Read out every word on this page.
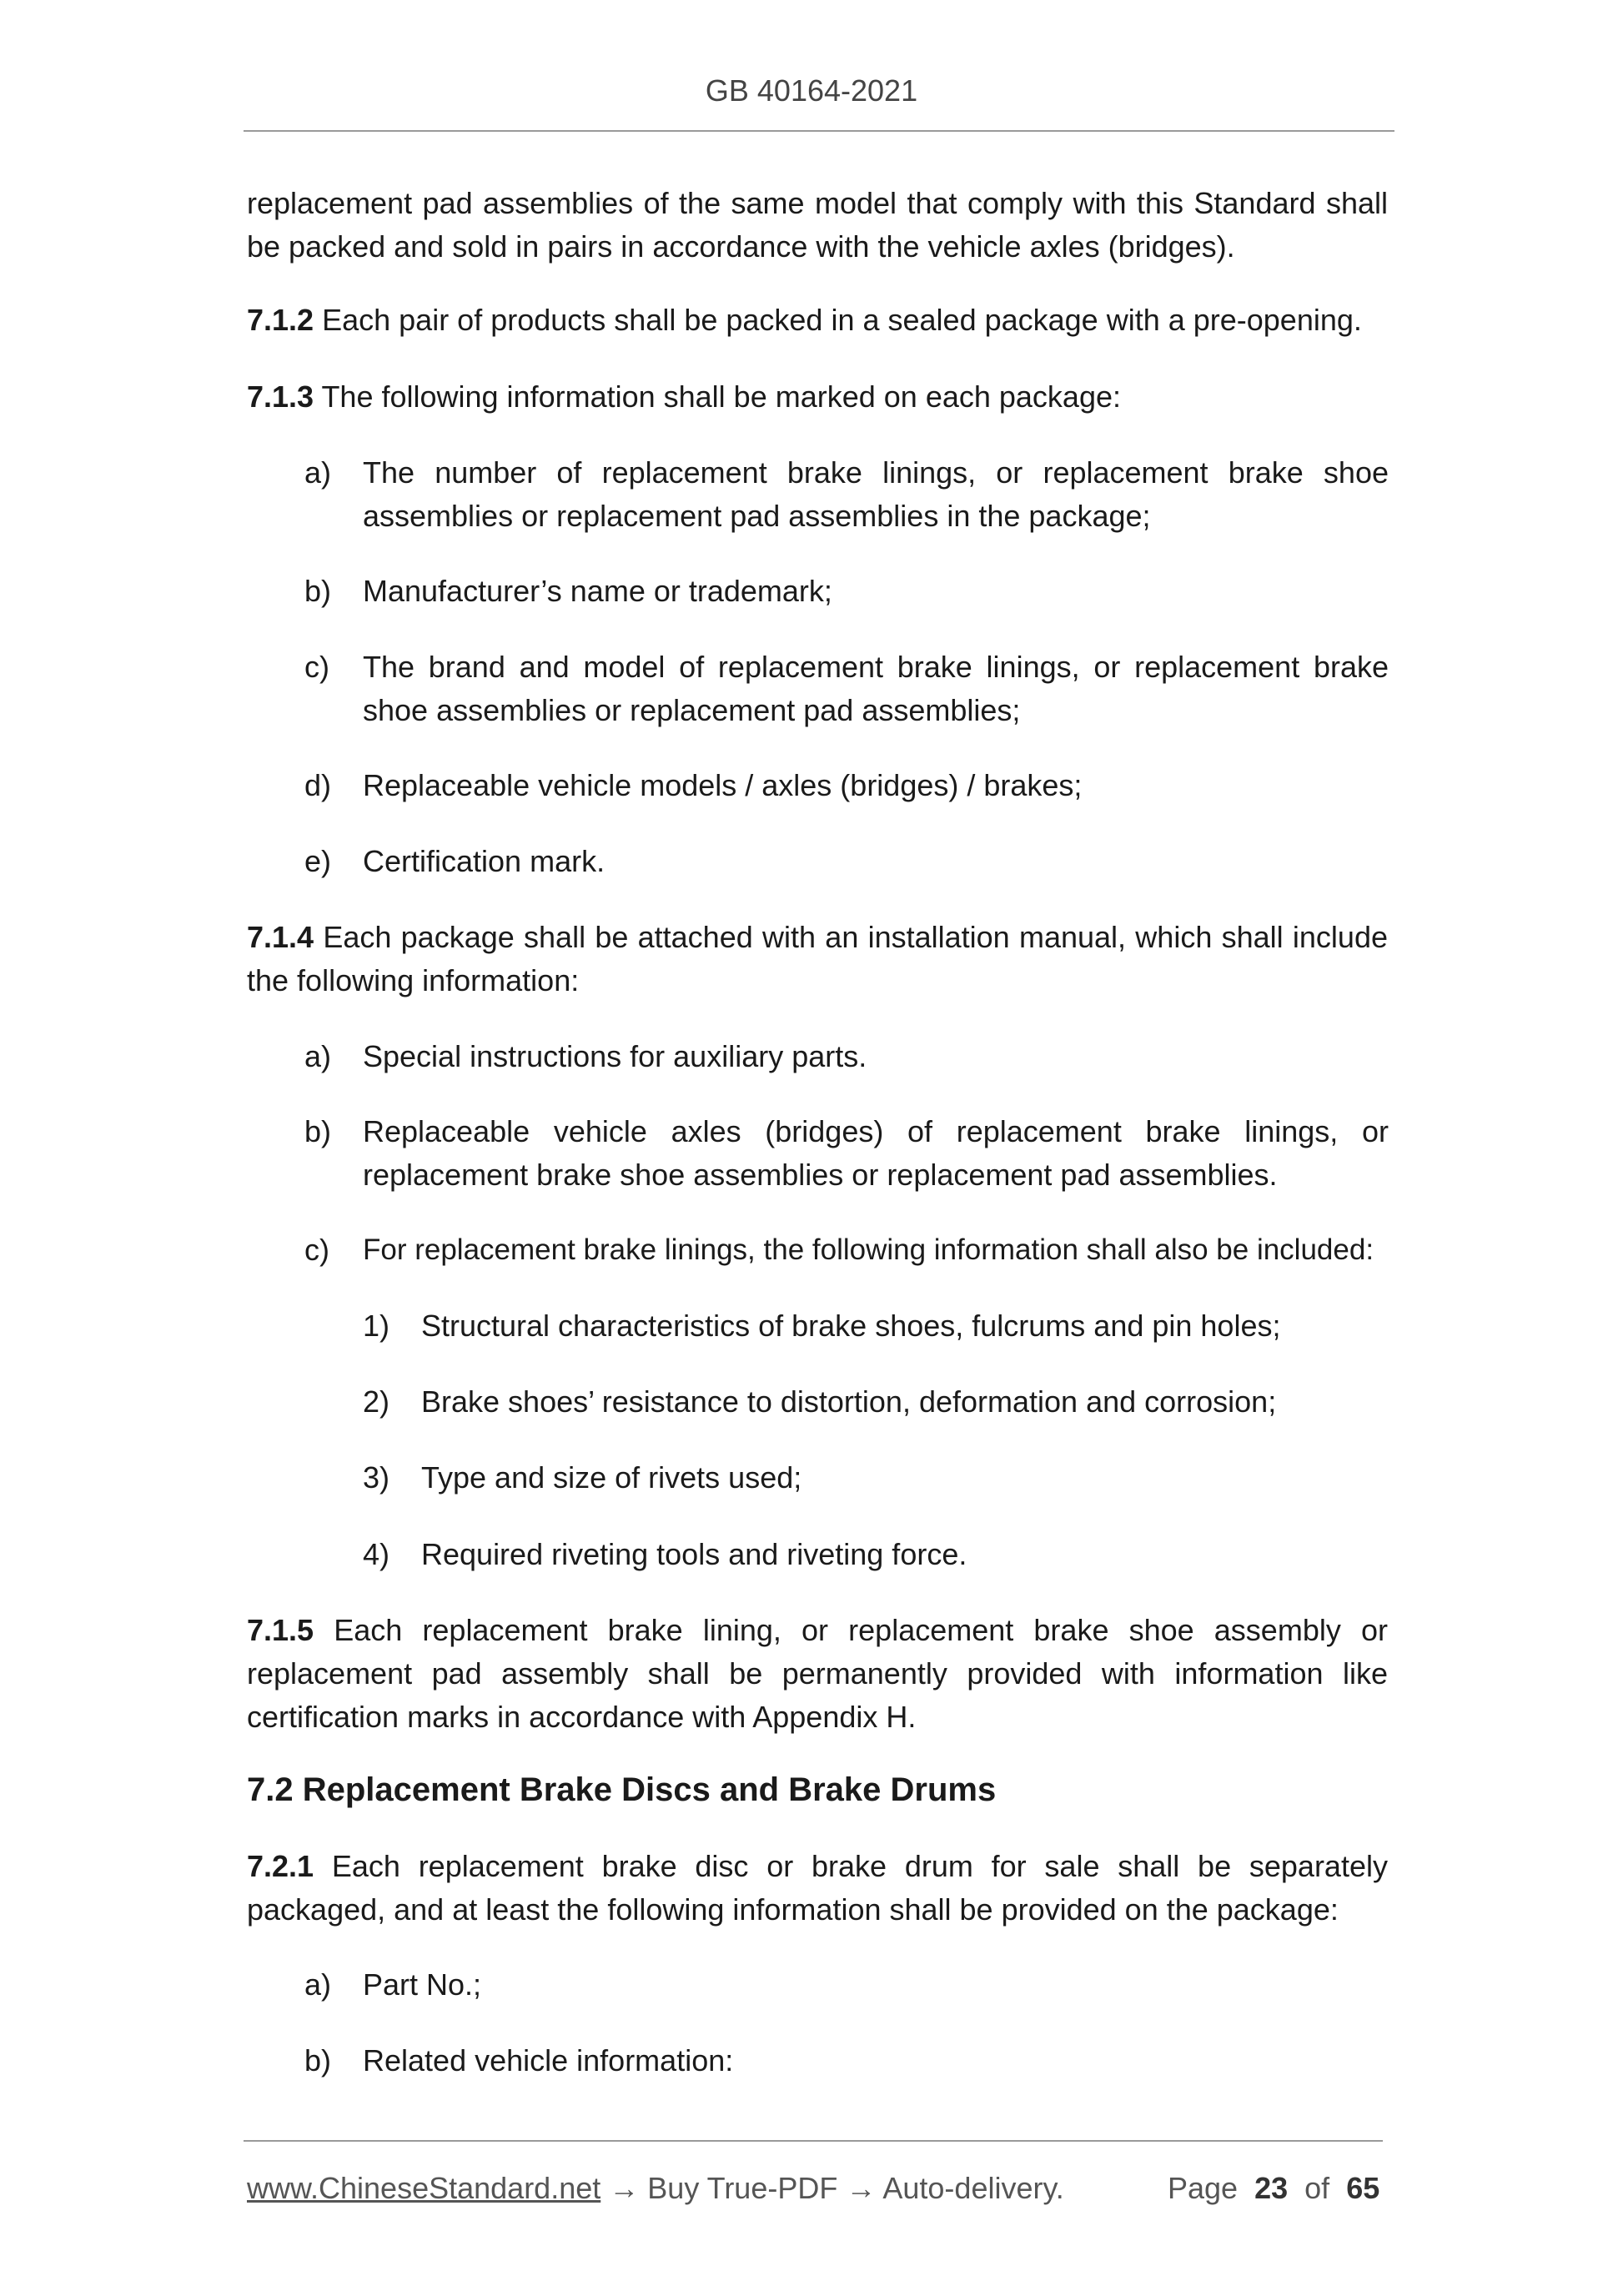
GB 40164-2021
replacement pad assemblies of the same model that comply with this Standard shall be packed and sold in pairs in accordance with the vehicle axles (bridges).
7.1.2 Each pair of products shall be packed in a sealed package with a pre-opening.
7.1.3 The following information shall be marked on each package:
a) The number of replacement brake linings, or replacement brake shoe assemblies or replacement pad assemblies in the package;
b) Manufacturer’s name or trademark;
c) The brand and model of replacement brake linings, or replacement brake shoe assemblies or replacement pad assemblies;
d) Replaceable vehicle models / axles (bridges) / brakes;
e) Certification mark.
7.1.4 Each package shall be attached with an installation manual, which shall include the following information:
a) Special instructions for auxiliary parts.
b) Replaceable vehicle axles (bridges) of replacement brake linings, or replacement brake shoe assemblies or replacement pad assemblies.
c) For replacement brake linings, the following information shall also be included:
1) Structural characteristics of brake shoes, fulcrums and pin holes;
2) Brake shoes’ resistance to distortion, deformation and corrosion;
3) Type and size of rivets used;
4) Required riveting tools and riveting force.
7.1.5 Each replacement brake lining, or replacement brake shoe assembly or replacement pad assembly shall be permanently provided with information like certification marks in accordance with Appendix H.
7.2 Replacement Brake Discs and Brake Drums
7.2.1 Each replacement brake disc or brake drum for sale shall be separately packaged, and at least the following information shall be provided on the package:
a) Part No.;
b) Related vehicle information:
www.ChineseStandard.net → Buy True-PDF → Auto-delivery.	Page 23 of 65
